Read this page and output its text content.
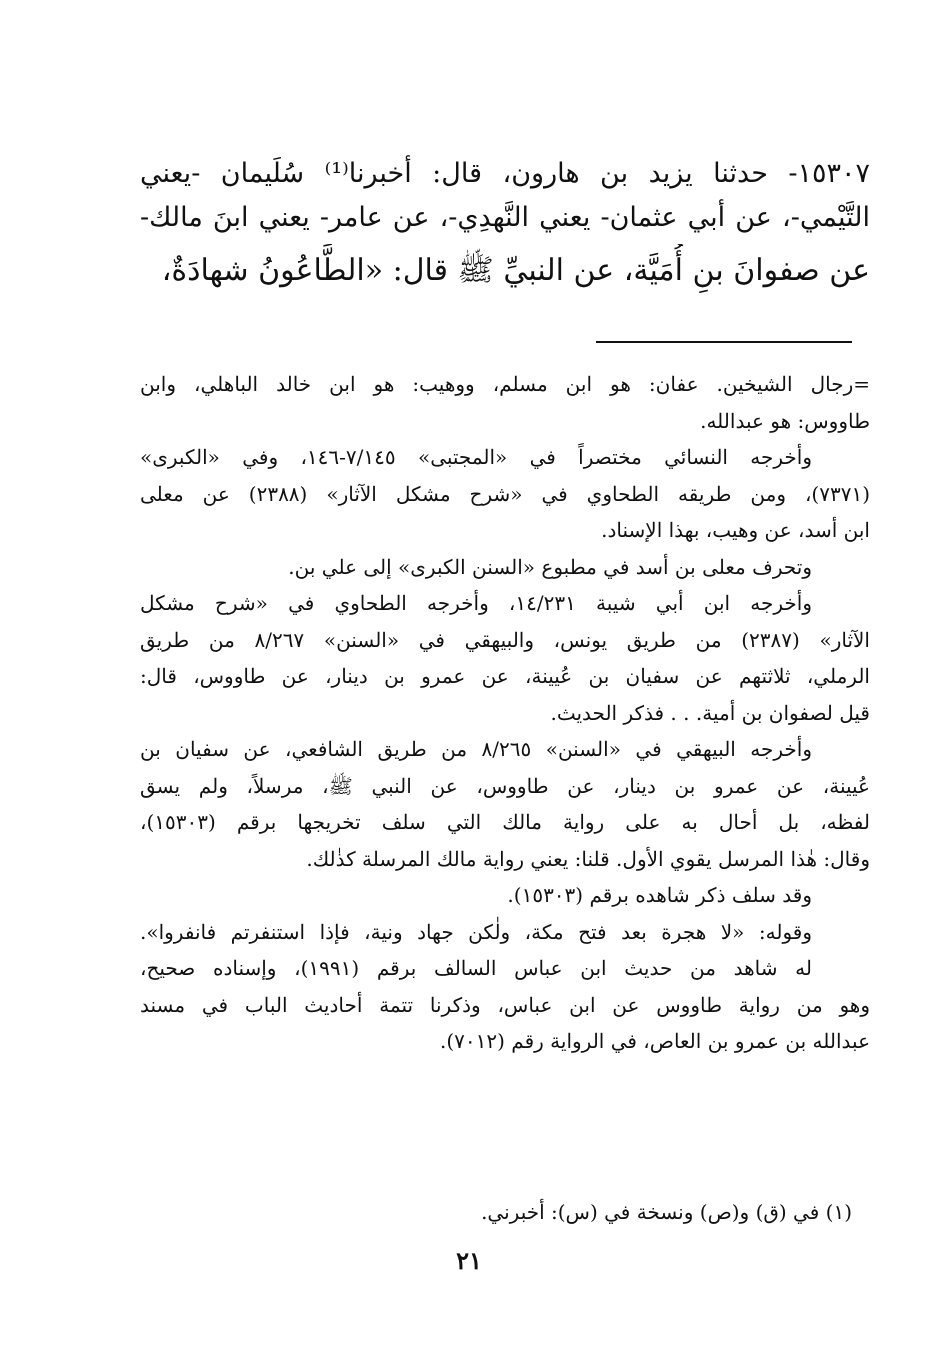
١٥٣٠٧- حدثنا يزيد بن هارون، قال: أخبرنا⁽¹⁾ سُلَيمان -يعني
التَّيْمي-، عن أبي عثمان- يعني النَّهدِي-، عن عامر- يعني ابنَ مالك-
عن صفوانَ بنِ أُمَيَّة، عن النبيِّ ﷺ قال: «الطَّاعُونُ شهادَةٌ،
=رجال الشيخين. عفان: هو ابن مسلم، ووهيب: هو ابن خالد الباهلي، وابن
طاووس: هو عبدالله.
وأخرجه النسائي مختصراً في «المجتبى» ٧/١٤٥-١٤٦، وفي «الكبرى»
(٧٣٧١)، ومن طريقه الطحاوي في «شرح مشكل الآثار» (٢٣٨٨) عن معلى
ابن أسد، عن وهيب، بهذا الإسناد.
وتحرف معلى بن أسد في مطبوع «السنن الكبرى» إلى علي بن.
وأخرجه ابن أبي شيبة ١٤/٢٣١، وأخرجه الطحاوي في «شرح مشكل
الآثار» (٢٣٨٧) من طريق يونس، والبيهقي في «السنن» ٨/٢٦٧ من طريق
الرملي، ثلاثتهم عن سفيان بن عُيينة، عن عمرو بن دينار، عن طاووس، قال:
قيل لصفوان بن أمية. . . فذكر الحديث.
وأخرجه البيهقي في «السنن» ٨/٢٦٥ من طريق الشافعي، عن سفيان بن
عُيينة، عن عمرو بن دينار، عن طاووس، عن النبي ﷺ، مرسلاً، ولم يسق
لفظه، بل أحال به على رواية مالك التي سلف تخريجها برقم (١٥٣٠٣)،
وقال: هٰذا المرسل يقوي الأول. قلنا: يعني رواية مالك المرسلة كذٰلك.
وقد سلف ذكر شاهده برقم (١٥٣٠٣).
وقوله: «لا هجرة بعد فتح مكة، ولٰكن جهاد ونية، فإذا استنفرتم فانفروا».
له شاهد من حديث ابن عباس السالف برقم (١٩٩١)، وإسناده صحيح،
وهو من رواية طاووس عن ابن عباس، وذكرنا تتمة أحاديث الباب في مسند
عبدالله بن عمرو بن العاص، في الرواية رقم (٧٠١٢).
(١) في (ق) و(ص) ونسخة في (س): أخبرني.
٢١
